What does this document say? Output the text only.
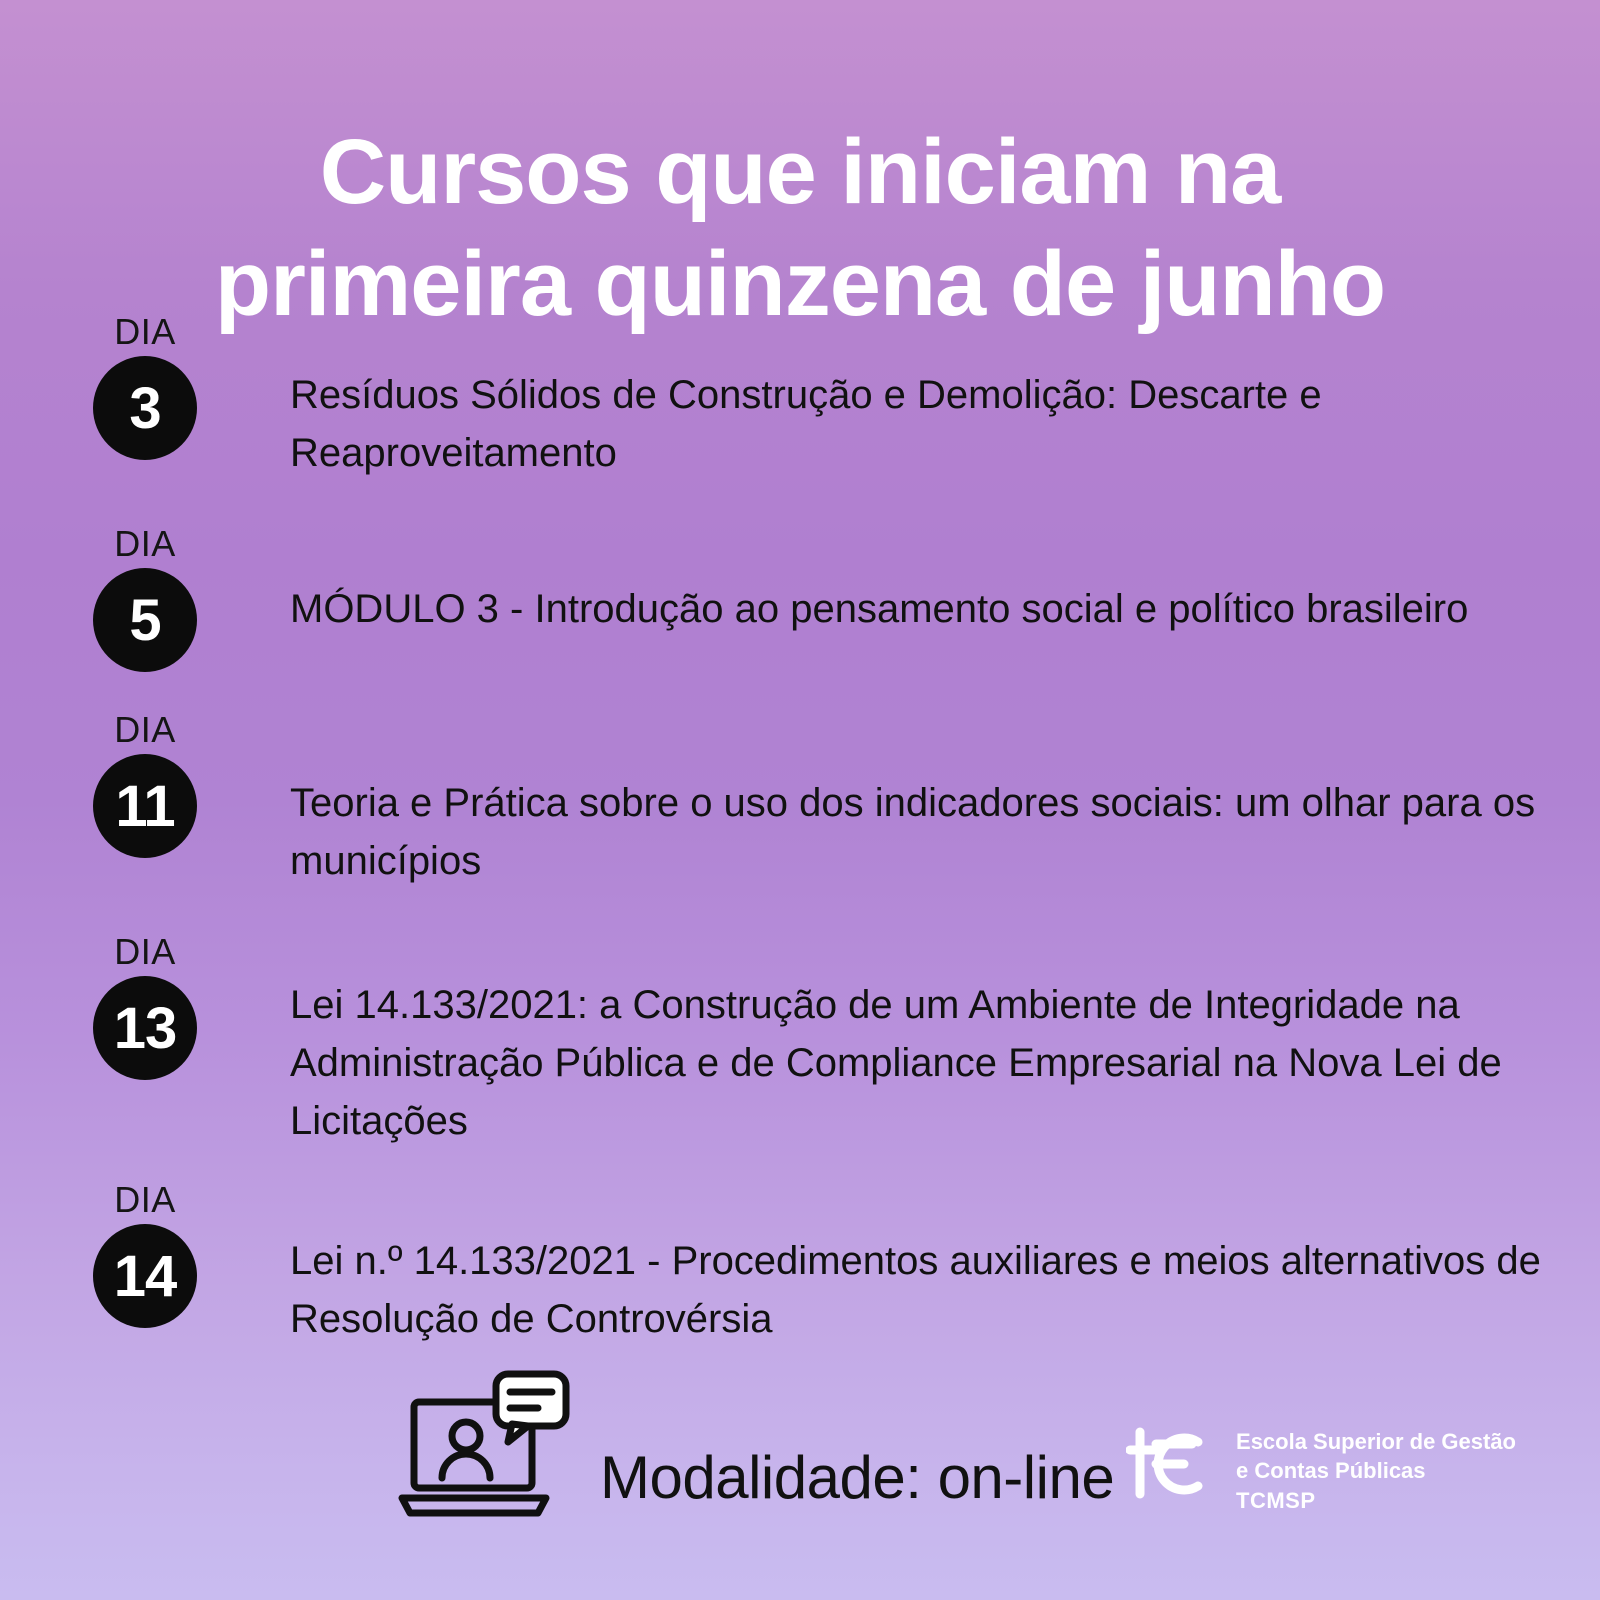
Cursos que iniciam na
primeira quinzena de junho
DIA
3	Resíduos Sólidos de Construção e Demolição: Descarte e Reaproveitamento
DIA
5	MÓDULO 3 - Introdução ao pensamento social e político brasileiro
DIA
11	Teoria e Prática sobre o uso dos indicadores sociais: um olhar para os municípios
DIA
13	Lei 14.133/2021: a Construção de um Ambiente de Integridade na Administração Pública e de Compliance Empresarial na Nova Lei de Licitações
DIA
14	Lei n.º 14.133/2021 - Procedimentos auxiliares e meios alternativos de Resolução de Controvérsia
Modalidade: on-line
Escola Superior de Gestão
e Contas Públicas
TCMSP
